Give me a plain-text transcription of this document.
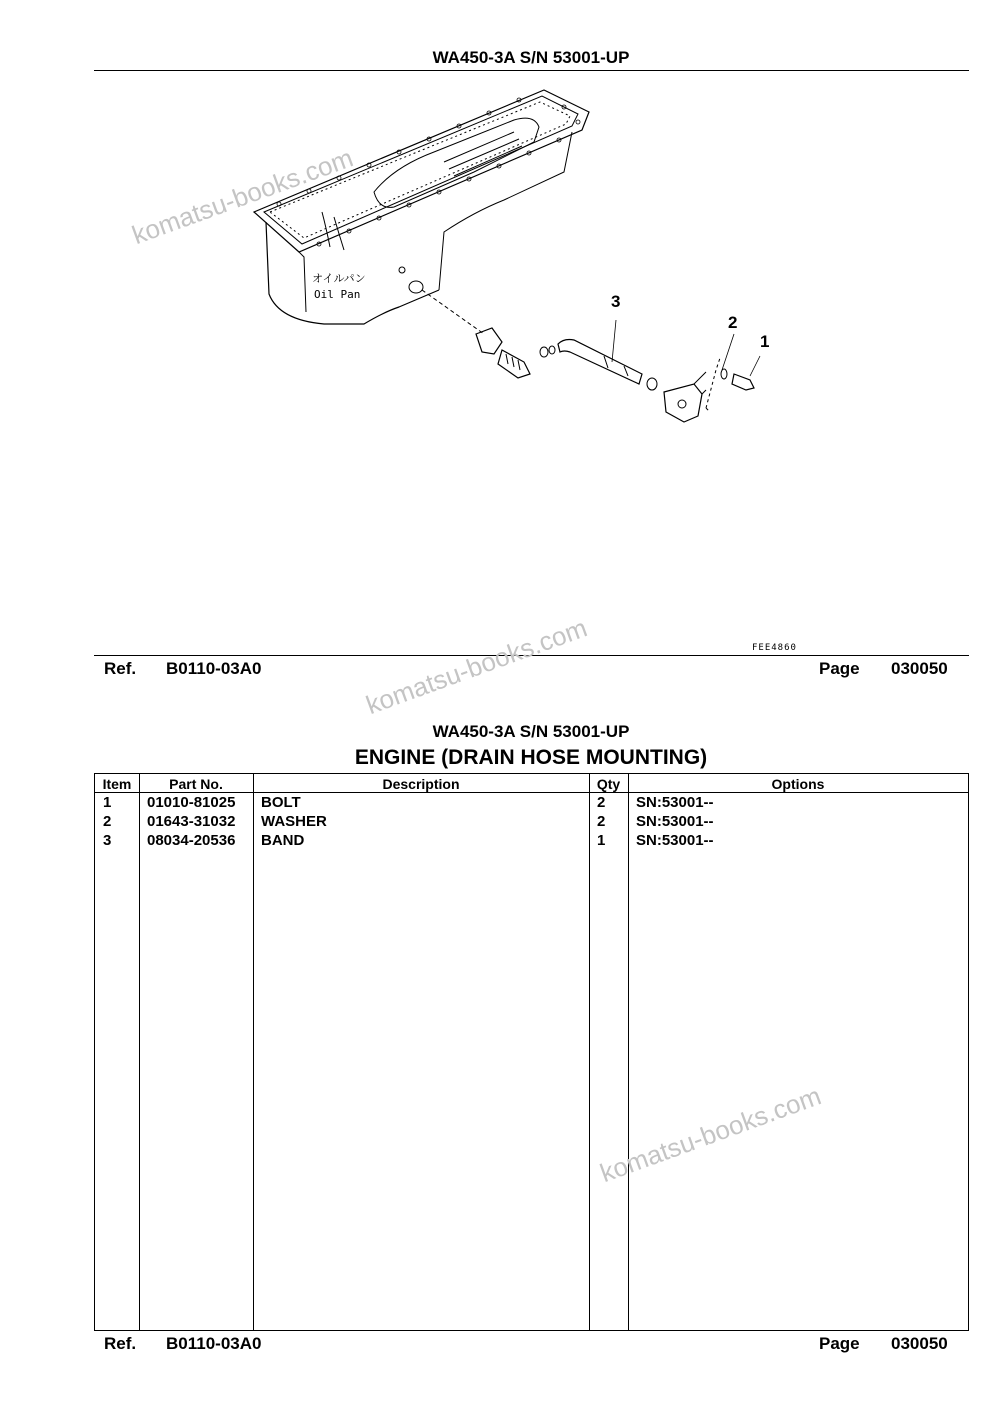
WA450-3A S/N 53001-UP
オイルパン
Oil Pan	3
2
1
FEE4860
Ref. B0110-03A0	Page 030050
WA450-3A S/N 53001-UP
ENGINE (DRAIN HOSE MOUNTING)
Item	Part No.	Description	Qty	Options
1 01010-81025 BOLT	2 SN:53001--
2 01643-31032 WASHER	2 SN:53001--
3 08034-20536 BAND	1 SN:53001--
Ref. B0110-03A0	Page 030050
komatsu-books.com
komatsu-books.com
komatsu-books.com
